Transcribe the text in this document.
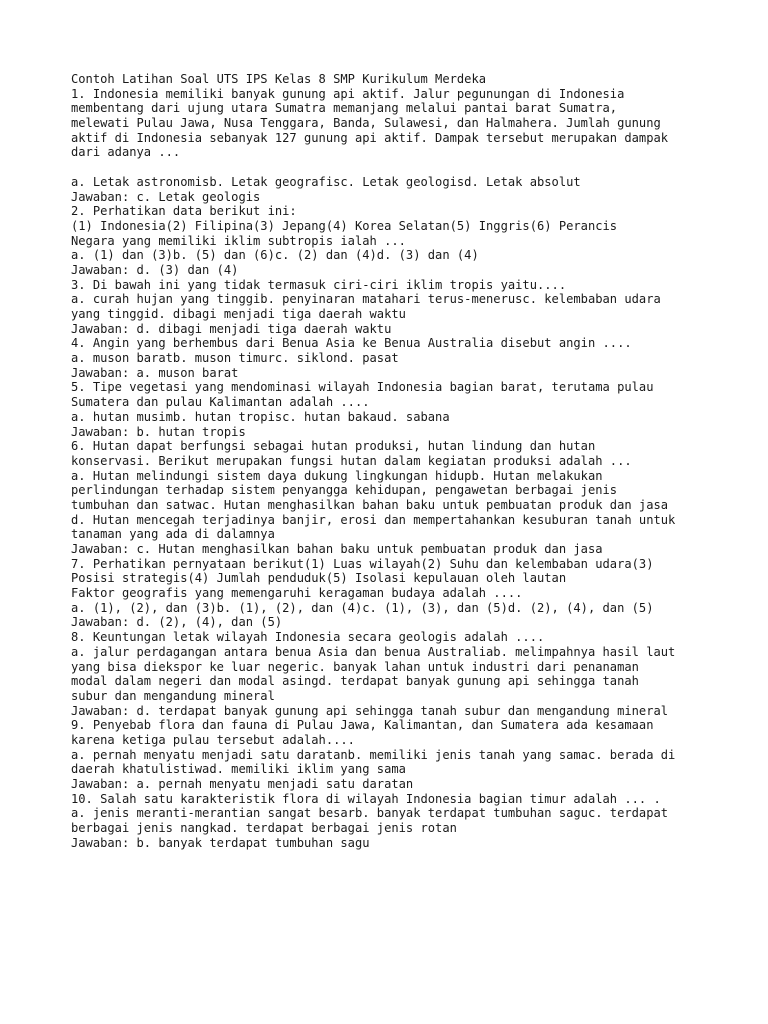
Contoh Latihan Soal UTS IPS Kelas 8 SMP Kurikulum Merdeka
1. Indonesia memiliki banyak gunung api aktif. Jalur pegunungan di Indonesia
membentang dari ujung utara Sumatra memanjang melalui pantai barat Sumatra,
melewati Pulau Jawa, Nusa Tenggara, Banda, Sulawesi, dan Halmahera. Jumlah gunung
aktif di Indonesia sebanyak 127 gunung api aktif. Dampak tersebut merupakan dampak
dari adanya ...
a. Letak astronomisb. Letak geografisc. Letak geologisd. Letak absolut
Jawaban: c. Letak geologis
2. Perhatikan data berikut ini:
(1) Indonesia(2) Filipina(3) Jepang(4) Korea Selatan(5) Inggris(6) Perancis
Negara yang memiliki iklim subtropis ialah ...
a. (1) dan (3)b. (5) dan (6)c. (2) dan (4)d. (3) dan (4)
Jawaban: d. (3) dan (4)
3. Di bawah ini yang tidak termasuk ciri-ciri iklim tropis yaitu....
a. curah hujan yang tinggib. penyinaran matahari terus-menerusc. kelembaban udara
yang tinggid. dibagi menjadi tiga daerah waktu
Jawaban: d. dibagi menjadi tiga daerah waktu
4. Angin yang berhembus dari Benua Asia ke Benua Australia disebut angin ....
a. muson baratb. muson timurc. siklond. pasat
Jawaban: a. muson barat
5. Tipe vegetasi yang mendominasi wilayah Indonesia bagian barat, terutama pulau
Sumatera dan pulau Kalimantan adalah ....
a. hutan musimb. hutan tropisc. hutan bakaud. sabana
Jawaban: b. hutan tropis
6. Hutan dapat berfungsi sebagai hutan produksi, hutan lindung dan hutan
konservasi. Berikut merupakan fungsi hutan dalam kegiatan produksi adalah ...
a. Hutan melindungi sistem daya dukung lingkungan hidupb. Hutan melakukan
perlindungan terhadap sistem penyangga kehidupan, pengawetan berbagai jenis
tumbuhan dan satwac. Hutan menghasilkan bahan baku untuk pembuatan produk dan jasa
d. Hutan mencegah terjadinya banjir, erosi dan mempertahankan kesuburan tanah untuk
tanaman yang ada di dalamnya
Jawaban: c. Hutan menghasilkan bahan baku untuk pembuatan produk dan jasa
7. Perhatikan pernyataan berikut(1) Luas wilayah(2) Suhu dan kelembaban udara(3)
Posisi strategis(4) Jumlah penduduk(5) Isolasi kepulauan oleh lautan
Faktor geografis yang memengaruhi keragaman budaya adalah ....
a. (1), (2), dan (3)b. (1), (2), dan (4)c. (1), (3), dan (5)d. (2), (4), dan (5)
Jawaban: d. (2), (4), dan (5)
8. Keuntungan letak wilayah Indonesia secara geologis adalah ....
a. jalur perdagangan antara benua Asia dan benua Australiab. melimpahnya hasil laut
yang bisa diekspor ke luar negeric. banyak lahan untuk industri dari penanaman
modal dalam negeri dan modal asingd. terdapat banyak gunung api sehingga tanah
subur dan mengandung mineral
Jawaban: d. terdapat banyak gunung api sehingga tanah subur dan mengandung mineral
9. Penyebab flora dan fauna di Pulau Jawa, Kalimantan, dan Sumatera ada kesamaan
karena ketiga pulau tersebut adalah....
a. pernah menyatu menjadi satu daratanb. memiliki jenis tanah yang samac. berada di
daerah khatulistiwad. memiliki iklim yang sama
Jawaban: a. pernah menyatu menjadi satu daratan
10. Salah satu karakteristik flora di wilayah Indonesia bagian timur adalah ... .
a. jenis meranti-merantian sangat besarb. banyak terdapat tumbuhan saguc. terdapat
berbagai jenis nangkad. terdapat berbagai jenis rotan
Jawaban: b. banyak terdapat tumbuhan sagu
